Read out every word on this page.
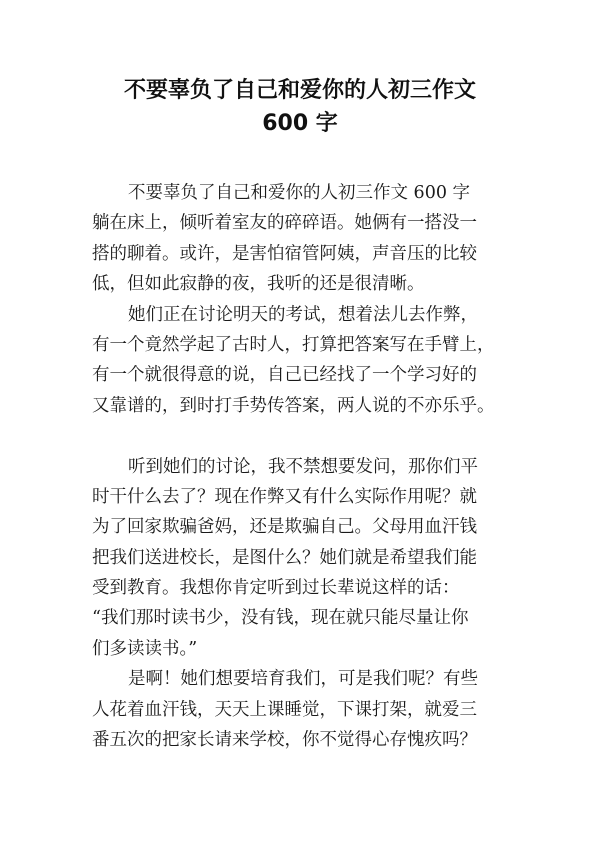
不要辜负了自己和爱你的人初三作文
600 字
不要辜负了自己和爱你的人初三作文 600 字
躺在床上，倾听着室友的碎碎语。她俩有一搭没一
搭的聊着。或许，是害怕宿管阿姨，声音压的比较
低，但如此寂静的夜，我听的还是很清晰。
她们正在讨论明天的考试，想着法儿去作弊，
有一个竟然学起了古时人，打算把答案写在手臂上，
有一个就很得意的说，自己已经找了一个学习好的
又靠谱的，到时打手势传答案，两人说的不亦乐乎。
听到她们的讨论，我不禁想要发问，那你们平
时干什么去了？现在作弊又有什么实际作用呢？就
为了回家欺骗爸妈，还是欺骗自己。父母用血汗钱
把我们送进校长，是图什么？她们就是希望我们能
受到教育。我想你肯定听到过长辈说这样的话：
“我们那时读书少，没有钱，现在就只能尽量让你
们多读读书。”
是啊！她们想要培育我们，可是我们呢？有些
人花着血汗钱，天天上课睡觉，下课打架，就爱三
番五次的把家长请来学校，你不觉得心存愧疚吗？
